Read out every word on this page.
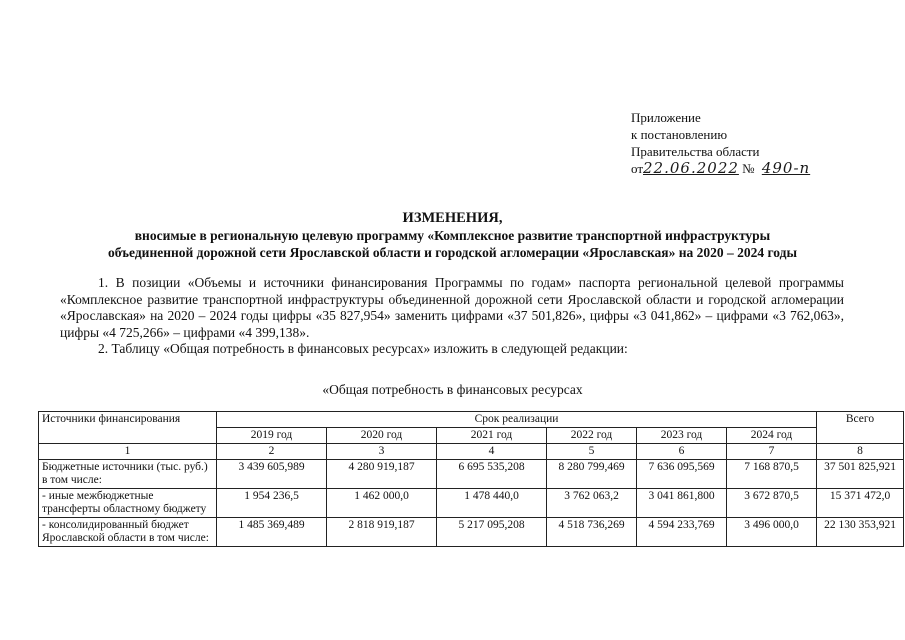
Приложение
к постановлению
Правительства области
от22.06.2022 № 490-п
ИЗМЕНЕНИЯ,
вносимые в региональную целевую программу «Комплексное развитие транспортной инфраструктуры
объединенной дорожной сети Ярославской области и городской агломерации «Ярославская» на 2020 – 2024 годы

1. В позиции «Объемы и источники финансирования Программы по годам» паспорта региональной целевой программы «Комплексное развитие транспортной инфраструктуры объединенной дорожной сети Ярославской области и городской агломерации «Ярославская» на 2020 – 2024 годы цифры «35 827,954» заменить цифрами «37 501,826», цифры «3 041,862» – цифрами «3 762,063», цифры «4 725,266» – цифрами «4 399,138».

2. Таблицу «Общая потребность в финансовых ресурсах» изложить в следующей редакции:

«Общая потребность в финансовых ресурсах
Источники финансирования	Срок реализации						Всего
	2019 год	2020 год	2021 год	2022 год	2023 год	2024 год	
1	2	3	4	5	6	7	8
Бюджетные источники (тыс. руб.) в том числе:	3 439 605,989	4 280 919,187	6 695 535,208	8 280 799,469	7 636 095,569	7 168 870,5	37 501 825,921
- иные межбюджетные трансферты областному бюджету	1 954 236,5	1 462 000,0	1 478 440,0	3 762 063,2	3 041 861,800	3 672 870,5	15 371 472,0
- консолидированный бюджет Ярославской области в том числе:	1 485 369,489	2 818 919,187	5 217 095,208	4 518 736,269	4 594 233,769	3 496 000,0	22 130 353,921
